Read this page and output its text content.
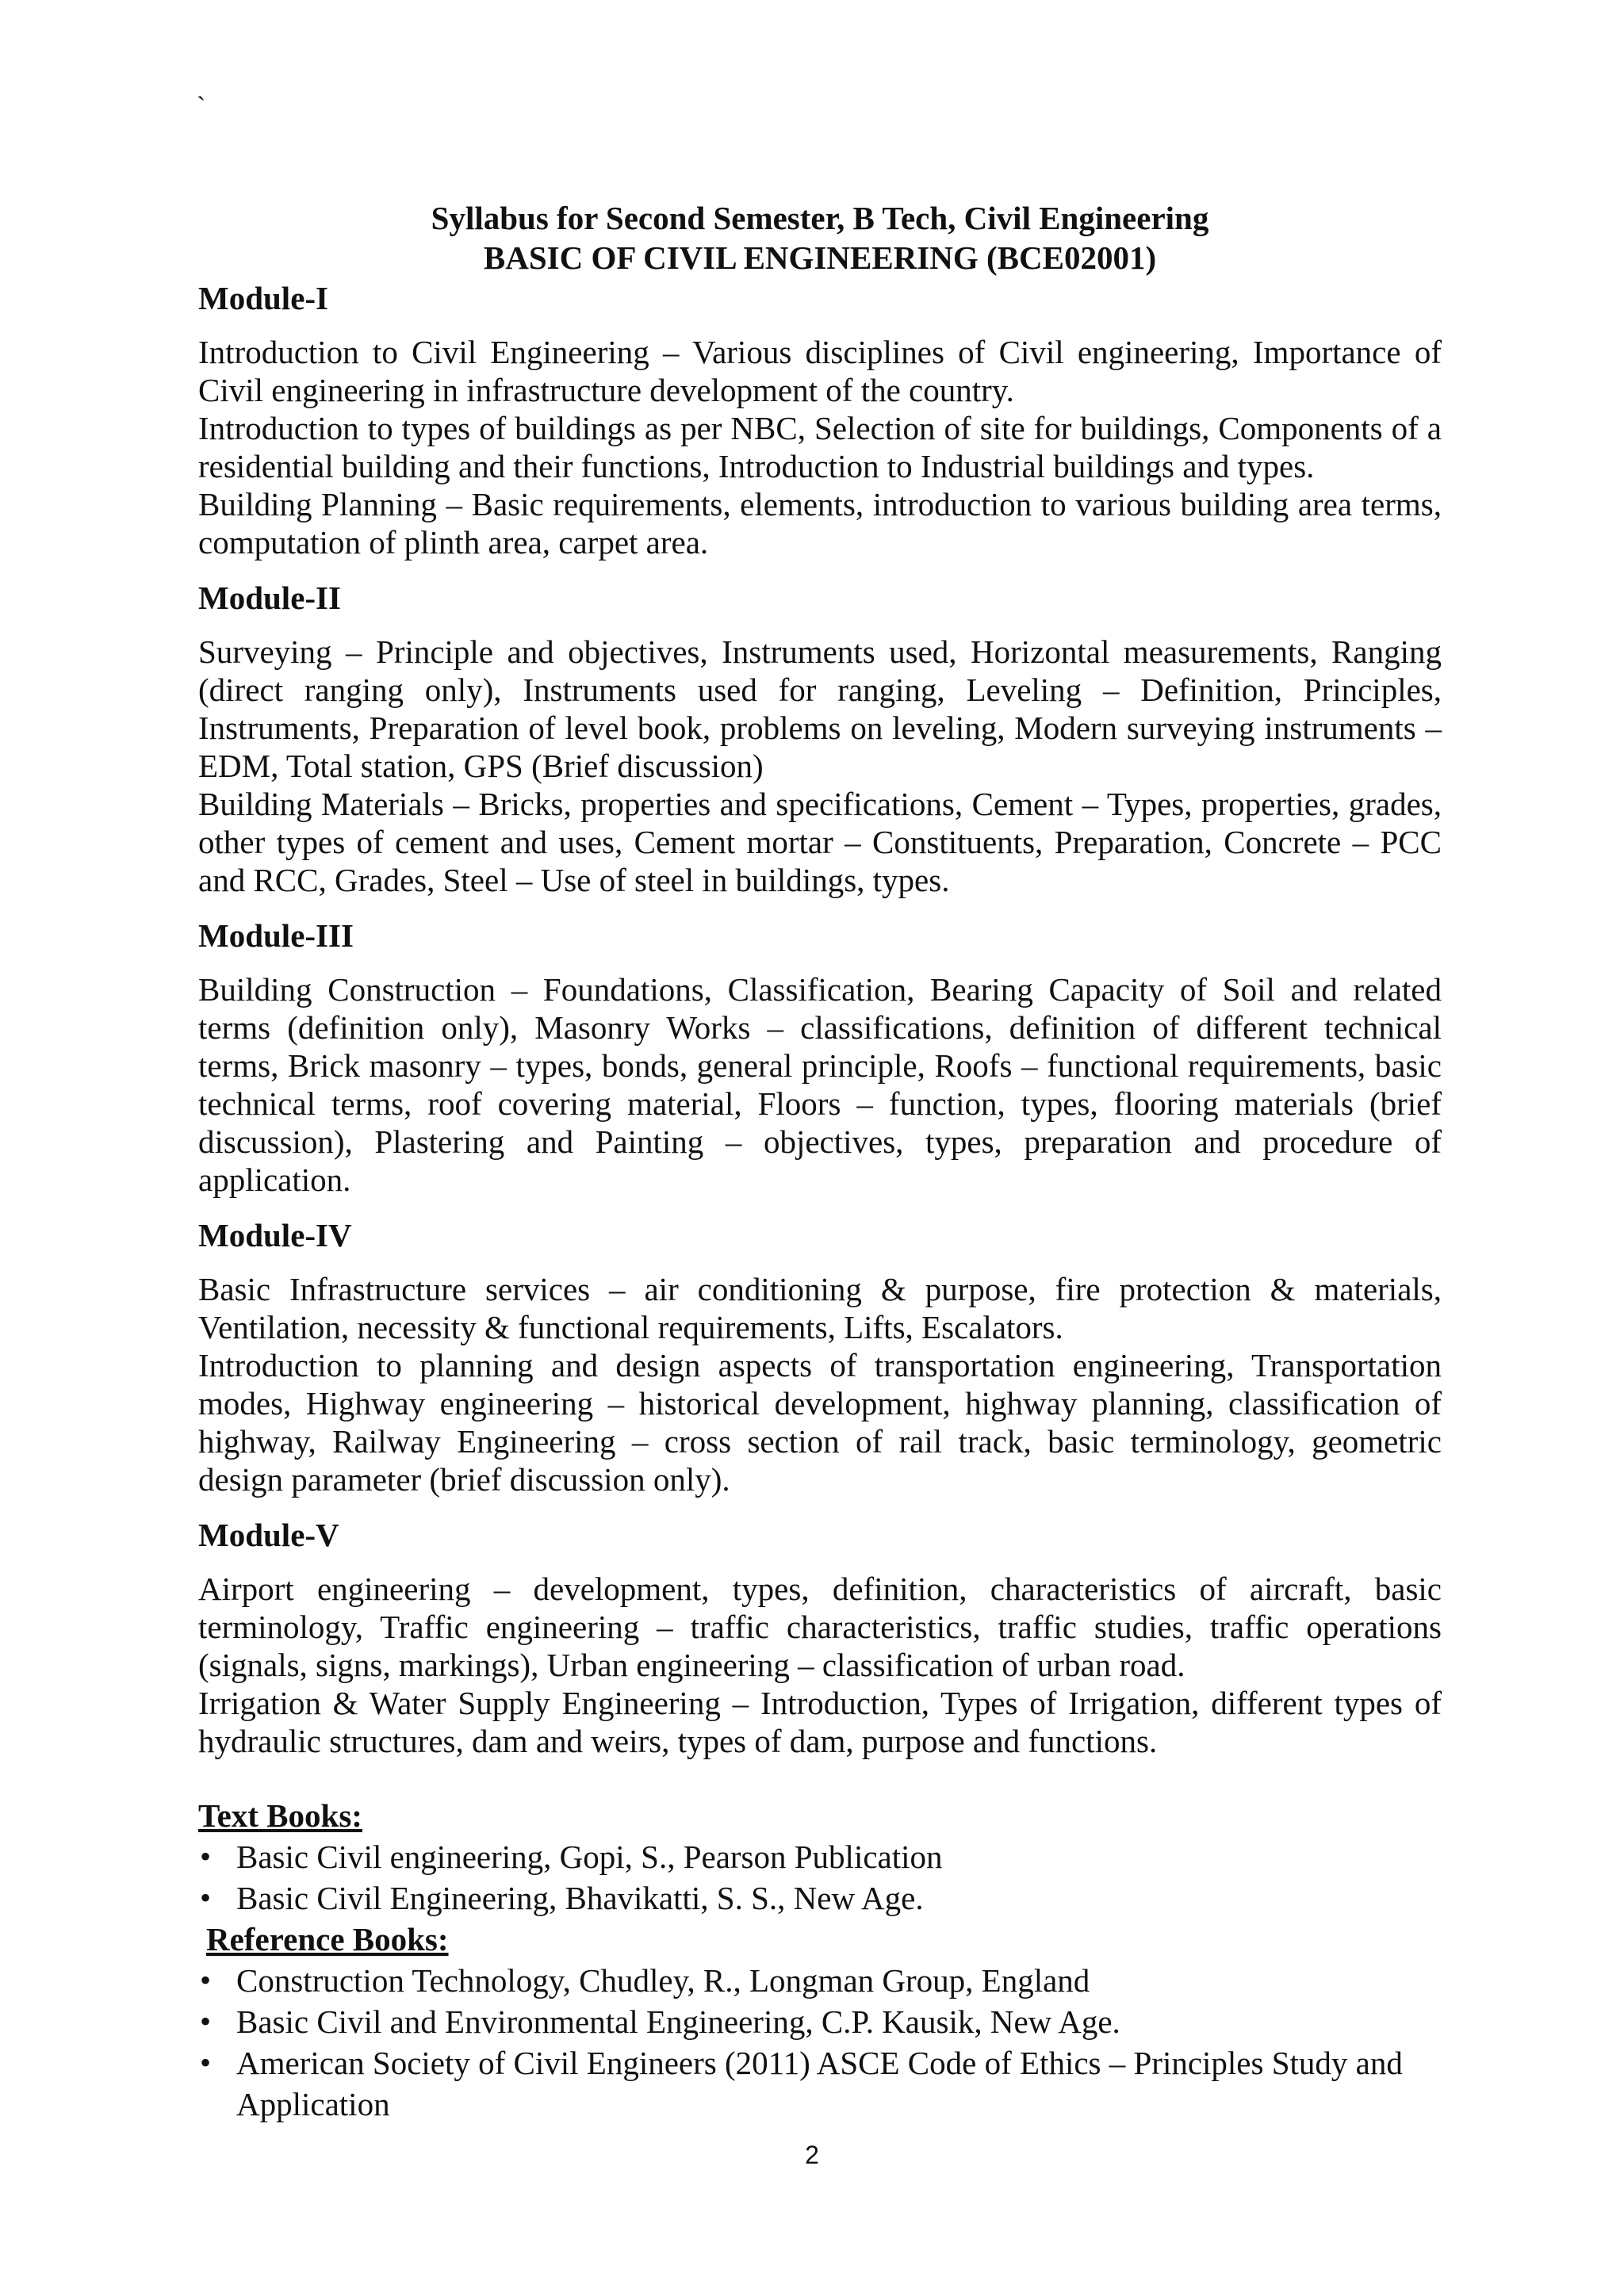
`
Syllabus for Second Semester, B Tech, Civil Engineering
BASIC OF CIVIL ENGINEERING (BCE02001)
Module-I

Introduction to Civil Engineering – Various disciplines of Civil engineering, Importance of Civil engineering in infrastructure development of the country.

Introduction to types of buildings as per NBC, Selection of site for buildings, Components of a residential building and their functions, Introduction to Industrial buildings and types.

Building Planning – Basic requirements, elements, introduction to various building area terms, computation of plinth area, carpet area.

Module-II

Surveying – Principle and objectives, Instruments used, Horizontal measurements, Ranging (direct ranging only), Instruments used for ranging, Leveling – Definition, Principles, Instruments, Preparation of level book, problems on leveling, Modern surveying instruments – EDM, Total station, GPS (Brief discussion)

Building Materials – Bricks, properties and specifications, Cement – Types, properties, grades, other types of cement and uses, Cement mortar – Constituents, Preparation, Concrete – PCC and RCC, Grades, Steel – Use of steel in buildings, types.

Module-III

Building Construction – Foundations, Classification, Bearing Capacity of Soil and related terms (definition only), Masonry Works – classifications, definition of different technical terms, Brick masonry – types, bonds, general principle, Roofs – functional requirements, basic technical terms, roof covering material, Floors – function, types, flooring materials (brief discussion), Plastering and Painting – objectives, types, preparation and procedure of application.

Module-IV

Basic Infrastructure services – air conditioning & purpose, fire protection & materials, Ventilation, necessity & functional requirements, Lifts, Escalators.

Introduction to planning and design aspects of transportation engineering, Transportation modes, Highway engineering – historical development, highway planning, classification of highway, Railway Engineering – cross section of rail track, basic terminology, geometric design parameter (brief discussion only).

Module-V

Airport engineering – development, types, definition, characteristics of aircraft, basic terminology, Traffic engineering – traffic characteristics, traffic studies, traffic operations (signals, signs, markings), Urban engineering – classification of urban road.

Irrigation & Water Supply Engineering – Introduction, Types of Irrigation, different types of hydraulic structures, dam and weirs, types of dam, purpose and functions.

Text Books:
• Basic Civil engineering, Gopi, S., Pearson Publication
• Basic Civil Engineering, Bhavikatti, S. S., New Age.
Reference Books:
• Construction Technology, Chudley, R., Longman Group, England
• Basic Civil and Environmental Engineering, C.P. Kausik, New Age.
• American Society of Civil Engineers (2011) ASCE Code of Ethics – Principles Study and Application
2
